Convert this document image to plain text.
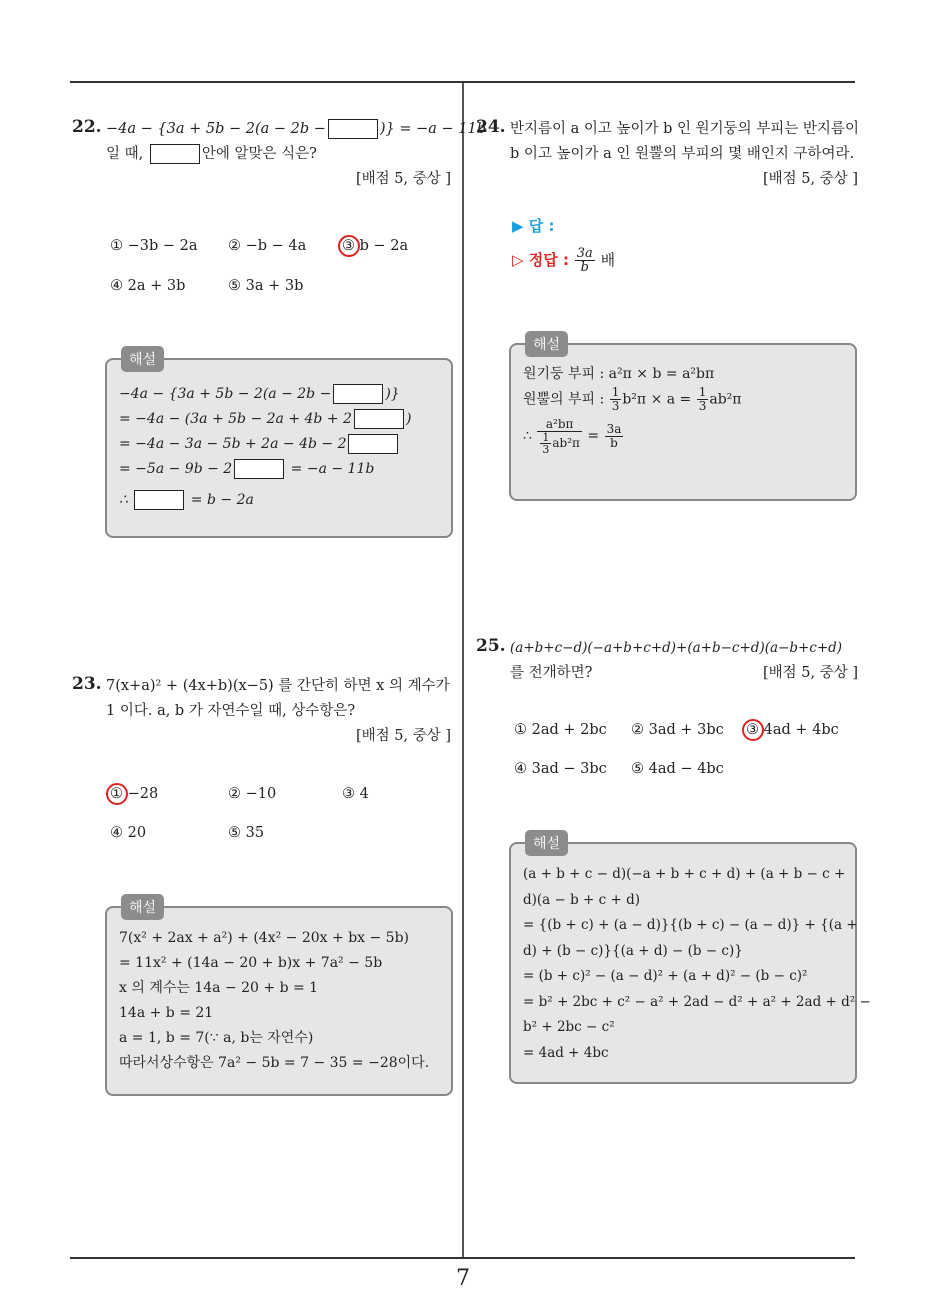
22. −4a − {3a + 5b − 2(a − 2b −	)} = −a − 11b
일 때,	안에 알맞은 식은?
[배점 5, 중상 ]
① −3b − 2a ② −b − 4a ③ b − 2a
④ 2a + 3b	⑤ 3a + 3b
해설
−4a − {3a + 5b − 2(a − 2b −	)}
= −4a − (3a + 5b − 2a + 4b + 2	)
= −4a − 3a − 5b + 2a − 4b − 2
= −5a − 9b − 2	= −a − 11b
∴	= b − 2a
23. 7(x+a)² + (4x+b)(x−5) 를 간단히 하면 x 의 계수가
1 이다. a, b 가 자연수일 때, 상수항은?
[배점 5, 중상 ]
① −28	② −10	③ 4
④ 20	⑤ 35
해설
7(x² + 2ax + a²) + (4x² − 20x + bx − 5b)
= 11x² + (14a − 20 + b)x + 7a² − 5b
x 의 계수는 14a − 20 + b = 1
14a + b = 21
a = 1, b = 7(∵ a, b는 자연수)
따라서상수항은 7a² − 5b = 7 − 35 = −28이다.
24. 반지름이 a 이고 높이가 b 인 원기둥의 부피는 반지름이
b 이고 높이가 a 인 원뿔의 부피의 몇 배인지 구하여라.
[배점 5, 중상 ]
▶ 답 :
▷ 정답 : $\frac{3a}{b}$ 배
해설
원기둥 부피 : a²π × b = a²bπ
원뿔의 부피 : $\frac{1}{3} b^2\pi \times a = \frac{1}{3} ab^2\pi$
∴ $\frac{\text{a²bπ}}{\frac{1}{3} ab^2\pi} = \frac{3a}{b}$
25. (a+b+c−d)(−a+b+c+d)+(a+b−c+d)(a−b+c+d)
를 전개하면?	[배점 5, 중상 ]
① 2ad + 2bc ② 3ad + 3bc ③ 4ad + 4bc
④ 3ad − 3bc ⑤ 4ad − 4bc
해설
(a + b + c − d)(−a + b + c + d) + (a + b − c +
d)(a − b + c + d)
= {(b + c) + (a − d)}{(b + c) − (a − d)} + {(a +
d) + (b − c)}{(a + d) − (b − c)}
= (b + c)² − (a − d)² + (a + d)² − (b − c)²
= b² + 2bc + c² − a² + 2ad − d² + a² + 2ad + d² −
b² + 2bc − c²
= 4ad + 4bc
7
